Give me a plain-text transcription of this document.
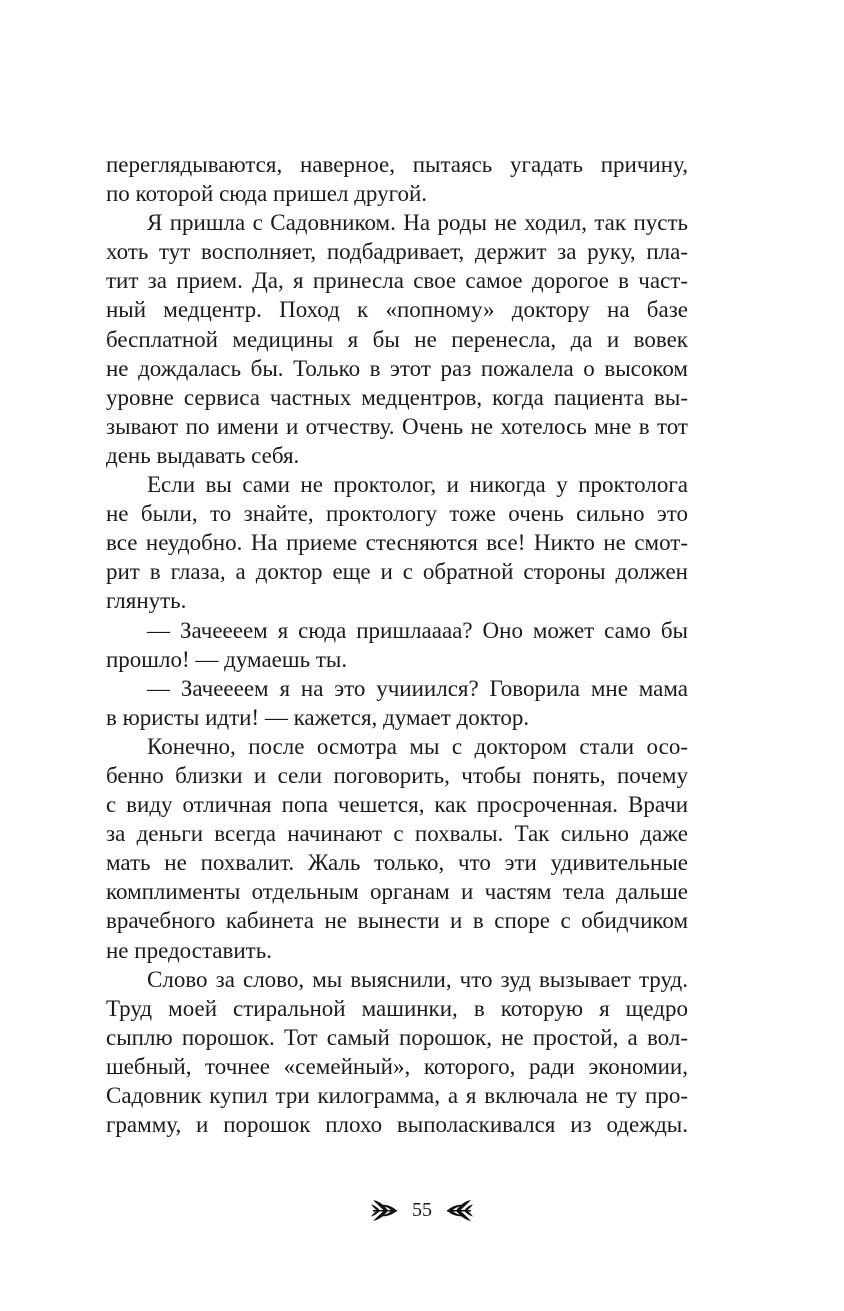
переглядываются, наверное, пытаясь угадать причину,
по которой сюда пришел другой.
Я пришла с Садовником. На роды не ходил, так пусть
хоть тут восполняет, подбадривает, держит за руку, пла-
тит за прием. Да, я принесла свое самое дорогое в част-
ный медцентр. Поход к «попному» доктору на базе
бесплатной медицины я бы не перенесла, да и вовек
не дождалась бы. Только в этот раз пожалела о высоком
уровне сервиса частных медцентров, когда пациента вы-
зывают по имени и отчеству. Очень не хотелось мне в тот
день выдавать себя.
Если вы сами не проктолог, и никогда у проктолога
не были, то знайте, проктологу тоже очень сильно это
все неудобно. На приеме стесняются все! Никто не смот-
рит в глаза, а доктор еще и с обратной стороны должен
глянуть.
— Зачеееем я сюда пришлаааа? Оно может само бы
прошло! — думаешь ты.
— Зачеееем я на это учииился? Говорила мне мама
в юристы идти! — кажется, думает доктор.
Конечно, после осмотра мы с доктором стали осо-
бенно близки и сели поговорить, чтобы понять, почему
с виду отличная попа чешется, как просроченная. Врачи
за деньги всегда начинают с похвалы. Так сильно даже
мать не похвалит. Жаль только, что эти удивительные
комплименты отдельным органам и частям тела дальше
врачебного кабинета не вынести и в споре с обидчиком
не предоставить.
Слово за слово, мы выяснили, что зуд вызывает труд.
Труд моей стиральной машинки, в которую я щедро
сыплю порошок. Тот самый порошок, не простой, а вол-
шебный, точнее «семейный», которого, ради экономии,
Садовник купил три килограмма, а я включала не ту про-
грамму, и порошок плохо выполаскивался из одежды.
55
